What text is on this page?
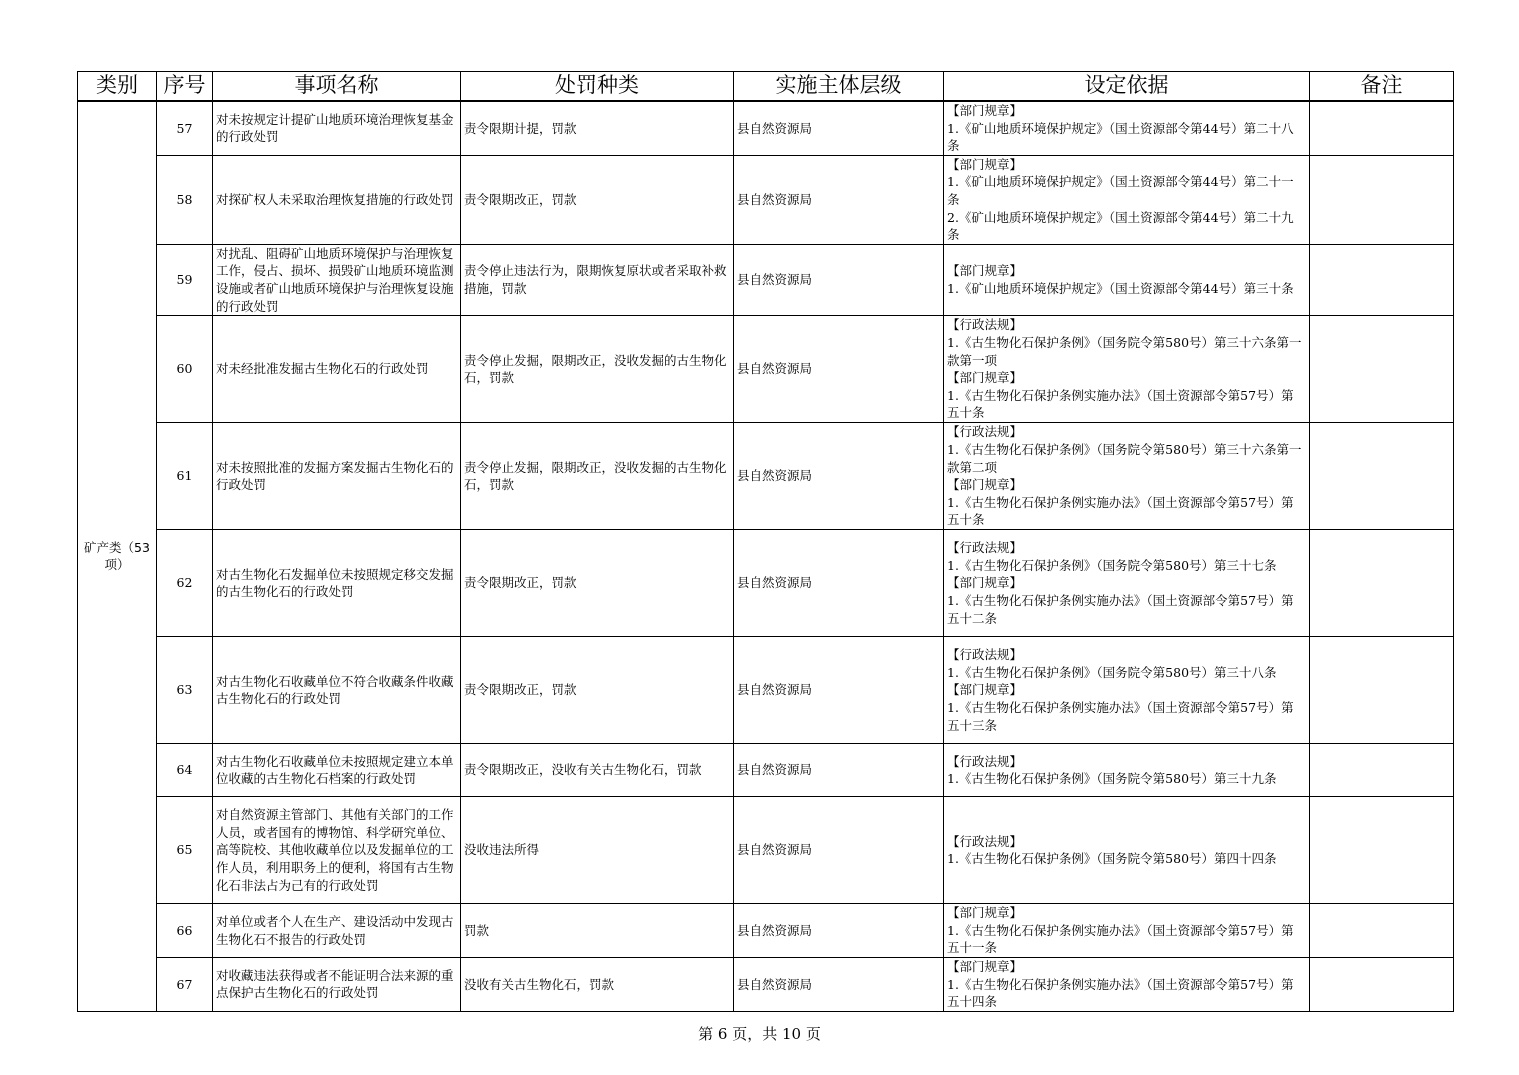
类别	序号	事项名称	处罚种类	实施主体层级	设定依据	备注
矿产类（53项）	57	对未按规定计提矿山地质环境治理恢复基金的行政处罚	责令限期计提，罚款	县自然资源局	【部门规章】
1.《矿山地质环境保护规定》（国土资源部令第44号）第二十八条	
	58	对探矿权人未采取治理恢复措施的行政处罚	责令限期改正，罚款	县自然资源局	【部门规章】
1.《矿山地质环境保护规定》（国土资源部令第44号）第二十一条
2.《矿山地质环境保护规定》（国土资源部令第44号）第二十九条	
	59	对扰乱、阻碍矿山地质环境保护与治理恢复工作，侵占、损坏、损毁矿山地质环境监测设施或者矿山地质环境保护与治理恢复设施的行政处罚	责令停止违法行为，限期恢复原状或者采取补救措施，罚款	县自然资源局	【部门规章】
1.《矿山地质环境保护规定》（国土资源部令第44号）第三十条	
	60	对未经批准发掘古生物化石的行政处罚	责令停止发掘，限期改正，没收发掘的古生物化石，罚款	县自然资源局	【行政法规】
1.《古生物化石保护条例》（国务院令第580号）第三十六条第一款第一项
【部门规章】
1.《古生物化石保护条例实施办法》（国土资源部令第57号）第五十条	
	61	对未按照批准的发掘方案发掘古生物化石的行政处罚	责令停止发掘，限期改正，没收发掘的古生物化石，罚款	县自然资源局	【行政法规】
1.《古生物化石保护条例》（国务院令第580号）第三十六条第一款第二项
【部门规章】
1.《古生物化石保护条例实施办法》（国土资源部令第57号）第五十条	
	62	对古生物化石发掘单位未按照规定移交发掘的古生物化石的行政处罚	责令限期改正，罚款	县自然资源局	【行政法规】
1.《古生物化石保护条例》（国务院令第580号）第三十七条
【部门规章】
1.《古生物化石保护条例实施办法》（国土资源部令第57号）第五十二条	
	63	对古生物化石收藏单位不符合收藏条件收藏古生物化石的行政处罚	责令限期改正，罚款	县自然资源局	【行政法规】
1.《古生物化石保护条例》（国务院令第580号）第三十八条
【部门规章】
1.《古生物化石保护条例实施办法》（国土资源部令第57号）第五十三条	
	64	对古生物化石收藏单位未按照规定建立本单位收藏的古生物化石档案的行政处罚	责令限期改正，没收有关古生物化石，罚款	县自然资源局	【行政法规】
1.《古生物化石保护条例》（国务院令第580号）第三十九条	
	65	对自然资源主管部门、其他有关部门的工作人员，或者国有的博物馆、科学研究单位、高等院校、其他收藏单位以及发掘单位的工作人员，利用职务上的便利，将国有古生物化石非法占为己有的行政处罚	没收违法所得	县自然资源局	【行政法规】
1.《古生物化石保护条例》（国务院令第580号）第四十四条	
	66	对单位或者个人在生产、建设活动中发现古生物化石不报告的行政处罚	罚款	县自然资源局	【部门规章】
1.《古生物化石保护条例实施办法》（国土资源部令第57号）第五十一条	
	67	对收藏违法获得或者不能证明合法来源的重点保护古生物化石的行政处罚	没收有关古生物化石，罚款	县自然资源局	【部门规章】
1.《古生物化石保护条例实施办法》（国土资源部令第57号）第五十四条	
第 6 页，共 10 页
